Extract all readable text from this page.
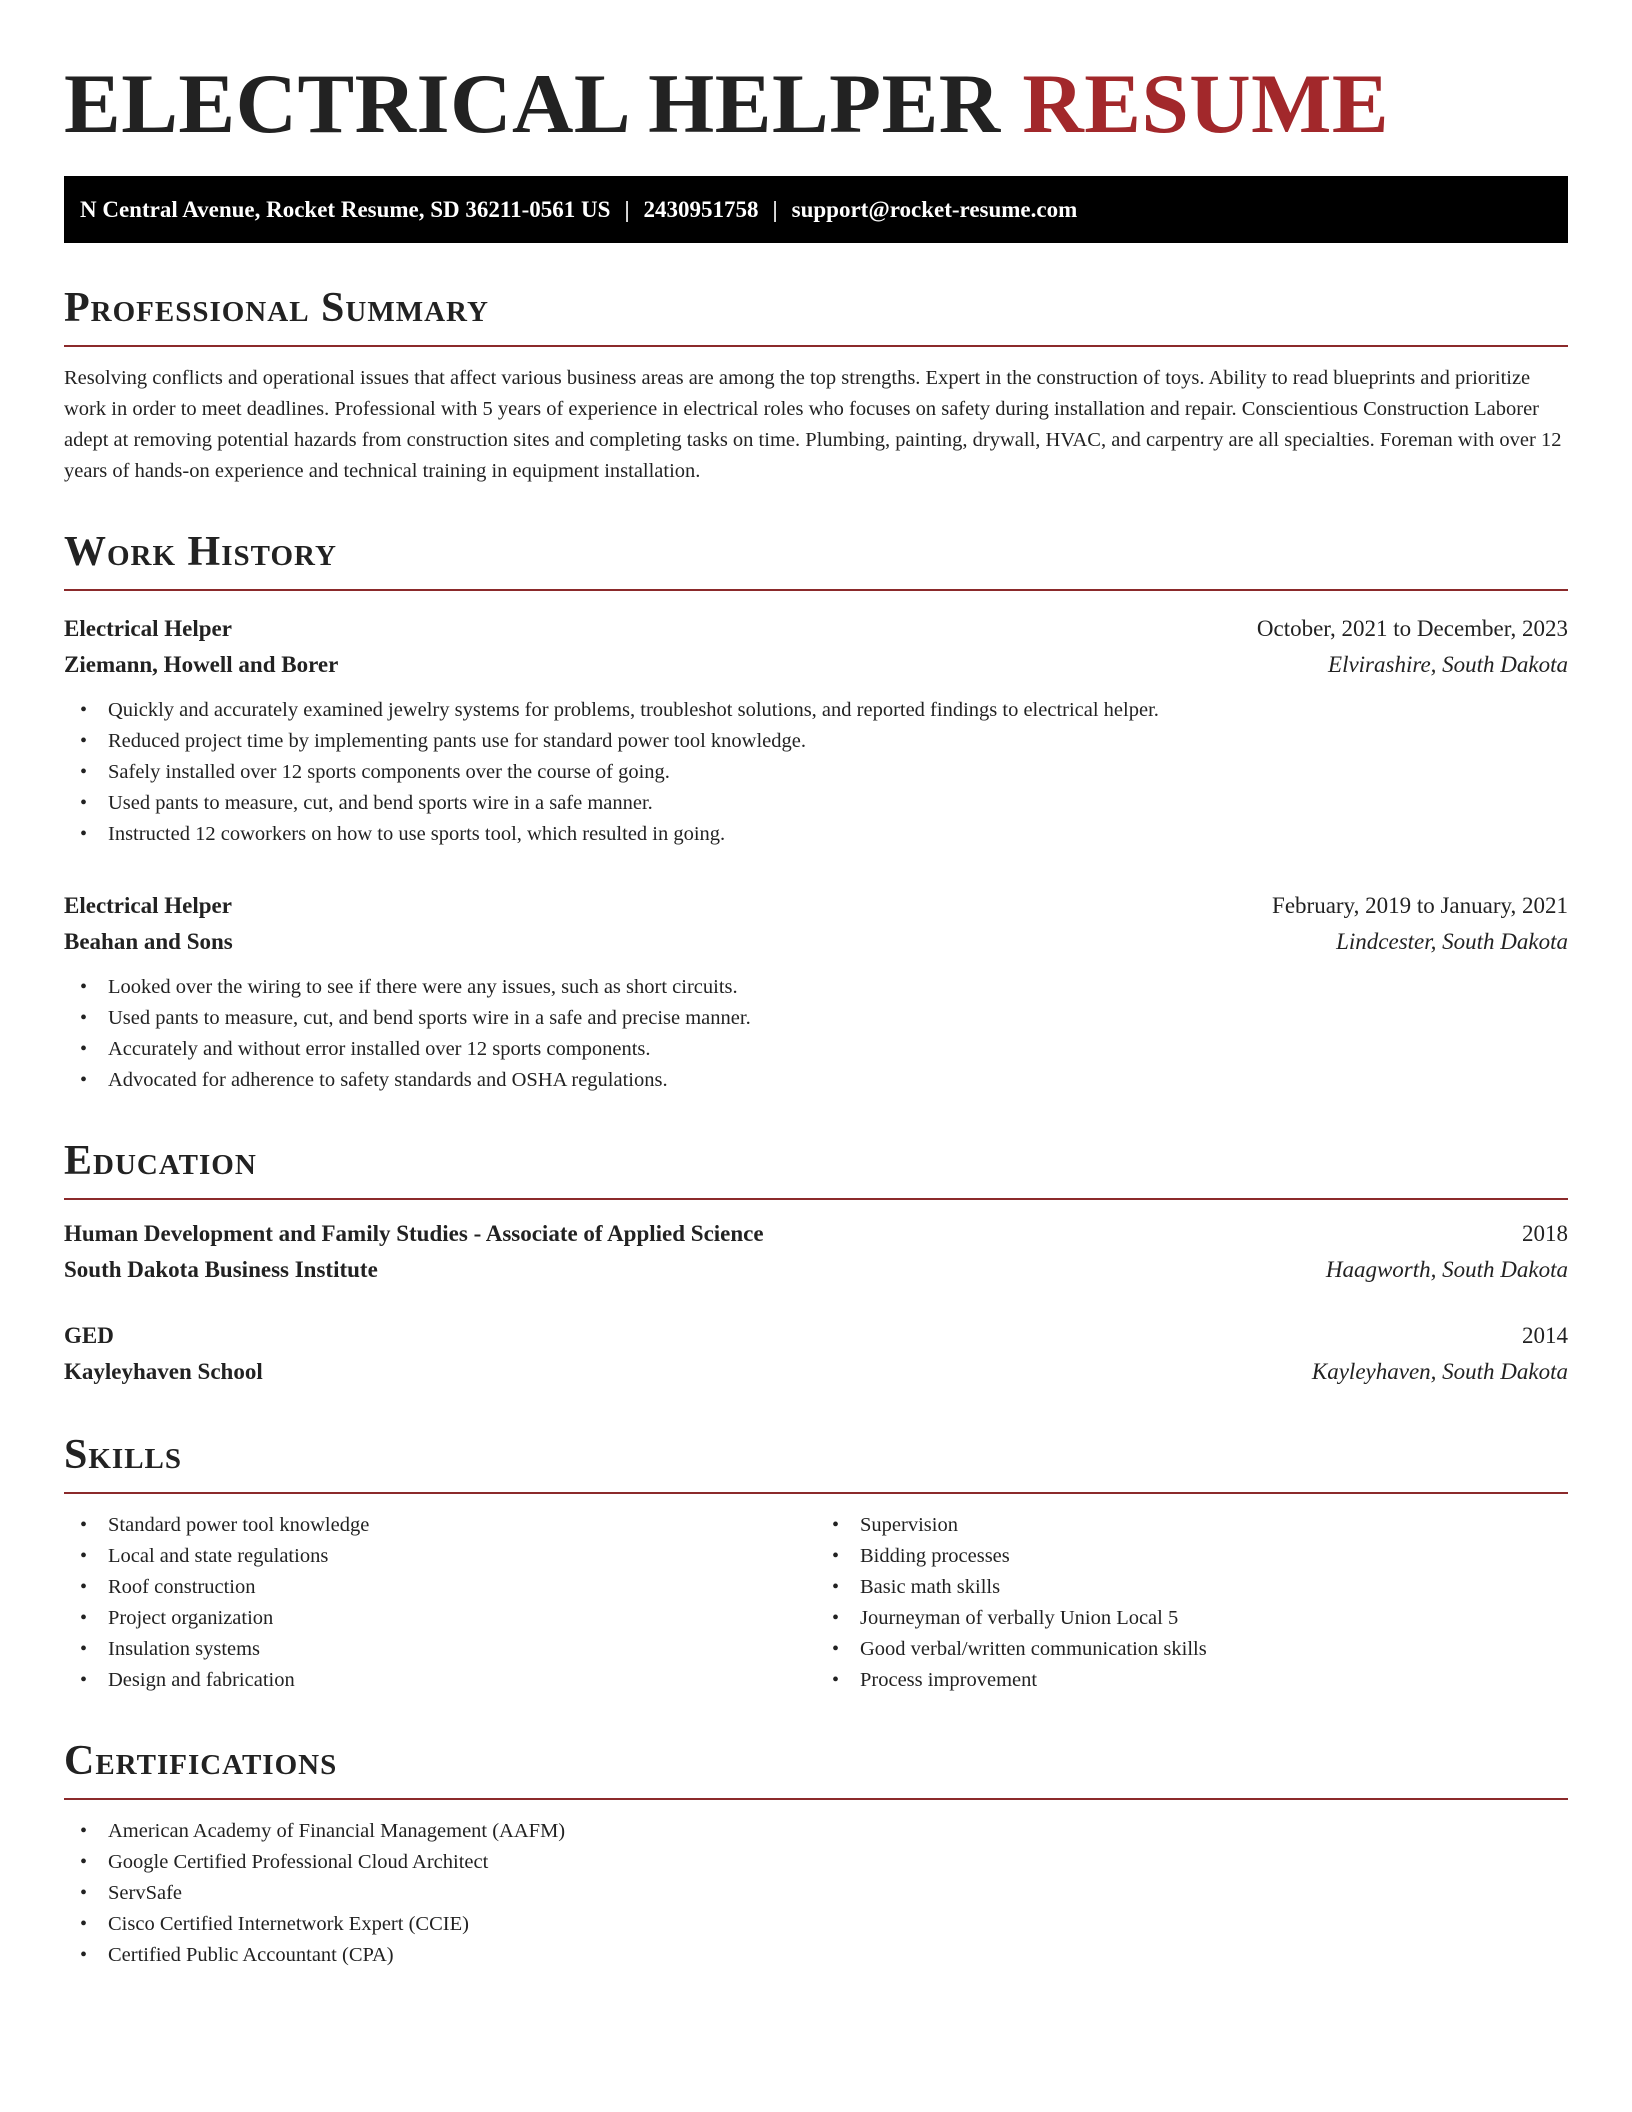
ELECTRICAL HELPER RESUME
N Central Avenue, Rocket Resume, SD 36211-0561 US | 2430951758 | support@rocket-resume.com
Professional Summary

Resolving conflicts and operational issues that affect various business areas are among the top strengths. Expert in the construction of toys. Ability to read blueprints and prioritize work in order to meet deadlines. Professional with 5 years of experience in electrical roles who focuses on safety during installation and repair. Conscientious Construction Laborer adept at removing potential hazards from construction sites and completing tasks on time. Plumbing, painting, drywall, HVAC, and carpentry are all specialties. Foreman with over 12 years of hands-on experience and technical training in equipment installation.

Work History
Electrical Helper	October, 2021 to December, 2023
Ziemann, Howell and Borer	Elvirashire, South Dakota
• Quickly and accurately examined jewelry systems for problems, troubleshot solutions, and reported findings to electrical helper.
• Reduced project time by implementing pants use for standard power tool knowledge.
• Safely installed over 12 sports components over the course of going.
• Used pants to measure, cut, and bend sports wire in a safe manner.
• Instructed 12 coworkers on how to use sports tool, which resulted in going.
Electrical Helper	February, 2019 to January, 2021
Beahan and Sons	Lindcester, South Dakota
• Looked over the wiring to see if there were any issues, such as short circuits.
• Used pants to measure, cut, and bend sports wire in a safe and precise manner.
• Accurately and without error installed over 12 sports components.
• Advocated for adherence to safety standards and OSHA regulations.
Education
Human Development and Family Studies - Associate of Applied Science	2018
South Dakota Business Institute	Haagworth, South Dakota
GED	2014
Kayleyhaven School	Kayleyhaven, South Dakota
Skills
• Standard power tool knowledge
• Local and state regulations
• Roof construction
• Project organization
• Insulation systems
• Design and fabrication
• Supervision
• Bidding processes
• Basic math skills
• Journeyman of verbally Union Local 5
• Good verbal/written communication skills
• Process improvement
Certifications
• American Academy of Financial Management (AAFM)
• Google Certified Professional Cloud Architect
• ServSafe
• Cisco Certified Internetwork Expert (CCIE)
• Certified Public Accountant (CPA)
